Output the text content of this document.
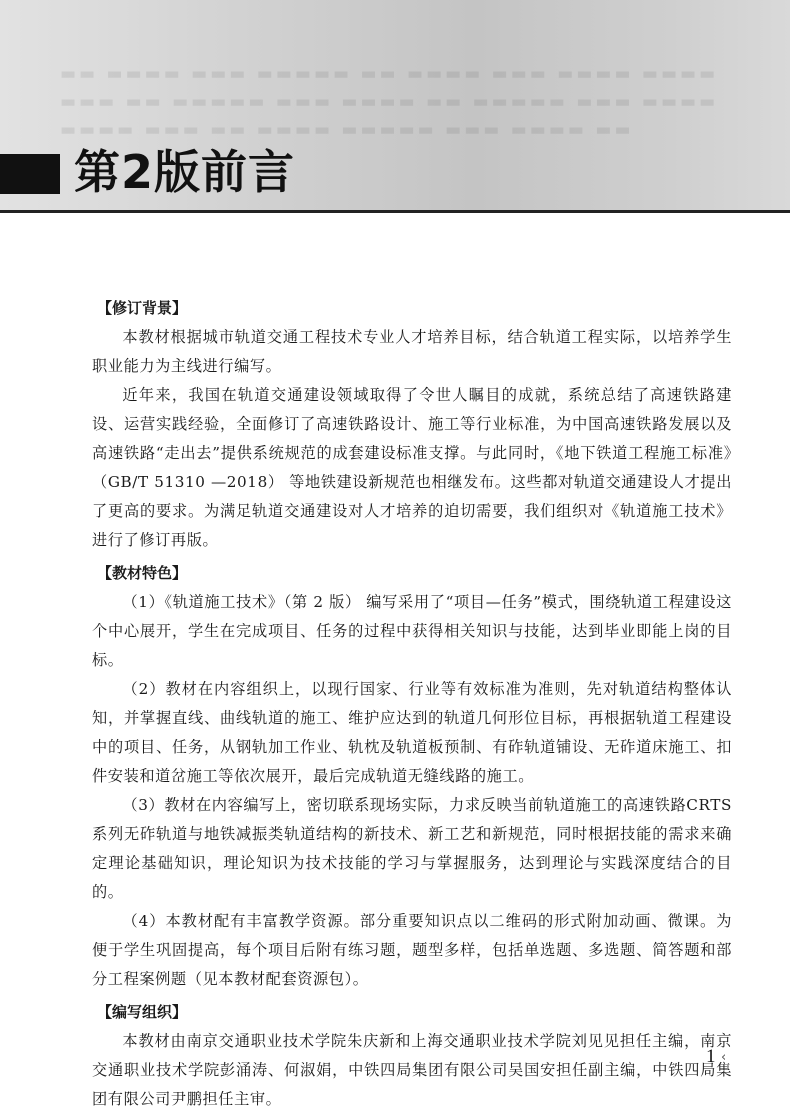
▬▬ ▬▬▬▬ ▬▬▬ ▬▬▬▬▬ ▬▬ ▬▬▬▬ ▬▬▬ ▬▬▬▬ ▬▬▬▬
▬▬▬ ▬▬ ▬▬▬▬▬ ▬▬▬ ▬▬▬▬ ▬▬ ▬▬▬▬▬ ▬▬▬ ▬▬▬▬
▬▬▬▬ ▬▬▬ ▬▬ ▬▬▬▬ ▬▬▬▬▬ ▬▬▬ ▬▬▬▬ ▬▬
第2版前言
【修订背景】

本教材根据城市轨道交通工程技术专业人才培养目标，结合轨道工程实际，以培养学生职业能力为主线进行编写。

近年来，我国在轨道交通建设领域取得了令世人瞩目的成就，系统总结了高速铁路建设、运营实践经验，全面修订了高速铁路设计、施工等行业标准，为中国高速铁路发展以及高速铁路“走出去”提供系统规范的成套建设标准支撑。与此同时，《地下铁道工程施工标准》（GB/T 51310 —2018） 等地铁建设新规范也相继发布。这些都对轨道交通建设人才提出了更高的要求。为满足轨道交通建设对人才培养的迫切需要，我们组织对《轨道施工技术》进行了修订再版。

【教材特色】

（1）《轨道施工技术》（第 2 版） 编写采用了“项目—任务”模式，围绕轨道工程建设这个中心展开，学生在完成项目、任务的过程中获得相关知识与技能，达到毕业即能上岗的目标。

（2）教材在内容组织上，以现行国家、行业等有效标准为准则，先对轨道结构整体认知，并掌握直线、曲线轨道的施工、维护应达到的轨道几何形位目标，再根据轨道工程建设中的项目、任务，从钢轨加工作业、轨枕及轨道板预制、有砟轨道铺设、无砟道床施工、扣件安装和道岔施工等依次展开，最后完成轨道无缝线路的施工。

（3）教材在内容编写上，密切联系现场实际，力求反映当前轨道施工的高速铁路CRTS 系列无砟轨道与地铁减振类轨道结构的新技术、新工艺和新规范，同时根据技能的需求来确定理论基础知识，理论知识为技术技能的学习与掌握服务，达到理论与实践深度结合的目的。

（4）本教材配有丰富教学资源。部分重要知识点以二维码的形式附加动画、微课。为便于学生巩固提高，每个项目后附有练习题，题型多样，包括单选题、多选题、简答题和部分工程案例题（见本教材配套资源包）。

【编写组织】

本教材由南京交通职业技术学院朱庆新和上海交通职业技术学院刘见见担任主编，南京交通职业技术学院彭涌涛、何淑娟，中铁四局集团有限公司吴国安担任副主编，中铁四局集团有限公司尹鹏担任主审。

1 ‹
